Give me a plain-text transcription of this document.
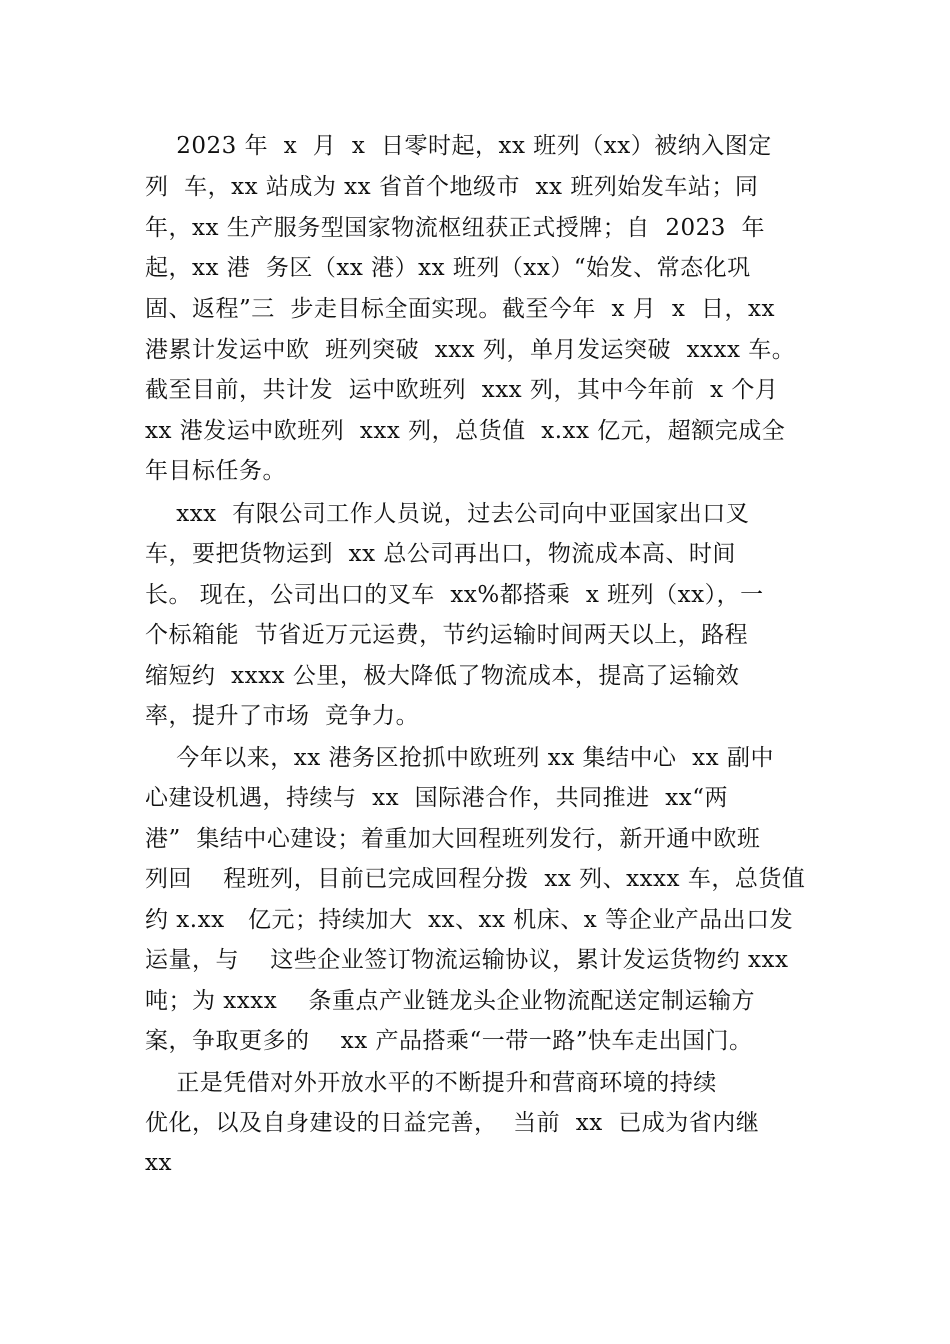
2023 年  x  月  x  日零时起，xx 班列（xx）被纳入图定
列  车，xx 站成为 xx 省首个地级市  xx 班列始发车站；同
年，xx 生产服务型国家物流枢纽获正式授牌；自  2023  年
起，xx 港  务区（xx 港）xx 班列（xx）“始发、常态化巩
固、返程”三  步走目标全面实现。截至今年  x 月  x  日，xx
港累计发运中欧  班列突破  xxx 列，单月发运突破  xxxx 车。
截至目前，共计发  运中欧班列  xxx 列，其中今年前  x 个月
xx 港发运中欧班列  xxx 列，总货值  x.xx 亿元，超额完成全
年目标任务。
xxx  有限公司工作人员说，过去公司向中亚国家出口叉
车，要把货物运到  xx 总公司再出口，物流成本高、时间
长。 现在，公司出口的叉车  xx%都搭乘  x 班列（xx），一
个标箱能  节省近万元运费，节约运输时间两天以上，路程
缩短约  xxxx 公里，极大降低了物流成本，提高了运输效
率，提升了市场  竞争力。
今年以来，xx 港务区抢抓中欧班列 xx 集结中心  xx 副中
心建设机遇，持续与  xx  国际港合作，共同推进  xx“两
港”  集结中心建设；着重加大回程班列发行，新开通中欧班
列回    程班列，目前已完成回程分拨  xx 列、xxxx 车，总货值
约 x.xx   亿元；持续加大  xx、xx 机床、x 等企业产品出口发
运量，与    这些企业签订物流运输协议，累计发运货物约 xxx
吨；为 xxxx    条重点产业链龙头企业物流配送定制运输方
案，争取更多的    xx 产品搭乘“一带一路”快车走出国门。
正是凭借对外开放水平的不断提升和营商环境的持续
优化，以及自身建设的日益完善，  当前  xx  已成为省内继
xx
